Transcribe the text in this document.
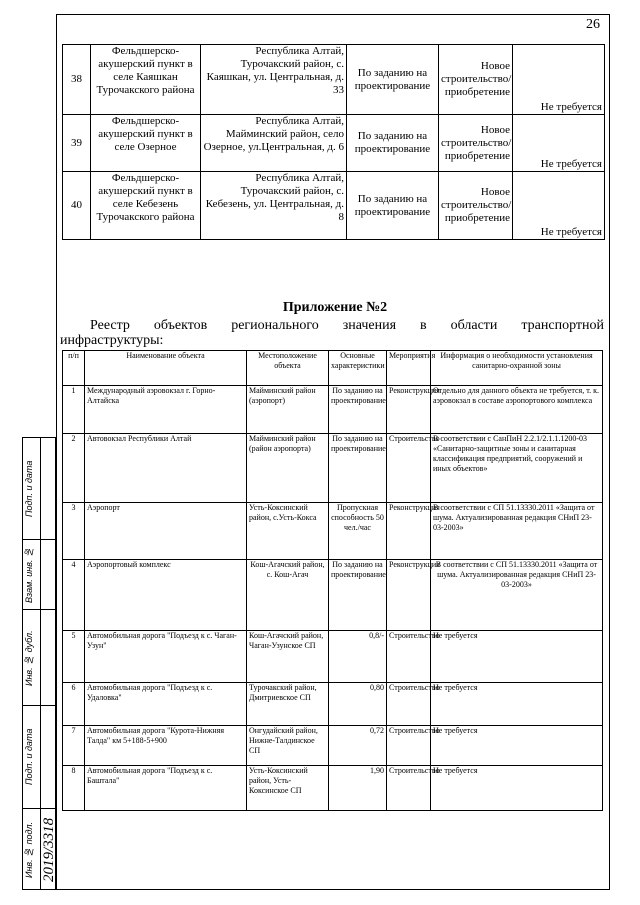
26
38	Фельдшерско-акушерский пункт в селе Каяшкан Турочакского района	Республика Алтай, Турочакский район, с. Каяшкан, ул. Центральная, д. 33	По заданию на проектирование	Новое строительство/приобретение	Не требуется
39	Фельдшерско-акушерский пункт в селе Озерное	Республика Алтай, Майминский район, село Озерное, ул.Центральная, д. 6	По заданию на проектирование	Новое строительство/приобретение	Не требуется
40	Фельдшерско-акушерский пункт в селе Кебезень Турочакского района	Республика Алтай, Турочакский район, с. Кебезень, ул. Центральная, д. 8	По заданию на проектирование	Новое строительство/приобретение	Не требуется
Приложение №2
Реестр объектов регионального значения в области транспортной
инфраструктуры:
п/п	Наименование объекта	Местоположение объекта	Основные характеристики	Мероприятия	Информация о необходимости установления санитарно-охранной зоны
1	Международный аэровокзал г. Горно-Алтайска	Майминский район (аэропорт)	По заданию на проектирование	Реконструкция	Отдельно для данного объекта не требуется, т. к. аэровокзал в составе аэропортового комплекса
2	Автовокзал Республики Алтай	Майминский район (район аэропорта)	По заданию на проектирование	Строительство	В соответствии с СанПиН 2.2.1/2.1.1.1200-03 «Санитарно-защитные зоны и санитарная классификация предприятий, сооружений и иных объектов»
3	Аэропорт	Усть-Коксинский район, с.Усть-Кокса	Пропускная способность 50 чел./час	Реконструкция	В соответствии с СП 51.13330.2011 «Защита от шума. Актуализированная редакция СНиП 23-03-2003»
4	Аэропортовый комплекс	Кош-Агачский район, с. Кош-Агач	По заданию на проектирование	Реконструкция	В соответствии с СП 51.13330.2011 «Защита от шума. Актуализированная редакция СНиП 23-03-2003»
5	Автомобильная дорога "Подъезд к с. Чаган-Узун"	Кош-Агачский район, Чаган-Узунское СП	0,8/-	Строительство	Не требуется
6	Автомобильная дорога "Подъезд к с. Удаловка"	Турочакский район, Дмитриевское СП	0,80	Строительство	Не требуется
7	Автомобильная дорога "Курота-Нижняя Талда" км 5+188-5+900	Онгудайский район, Нижне-Талдинское СП	0,72	Строительство	Не требуется
8	Автомобильная дорога "Подъезд к с. Баштала"	Усть-Коксинский район, Усть-Коксинское СП	1,90	Строительство	Не требуется
Подп. и дата
Взам. инв. №
Инв. № дубл.
Подп. и дата
Инв. № подл. 2019/3318
